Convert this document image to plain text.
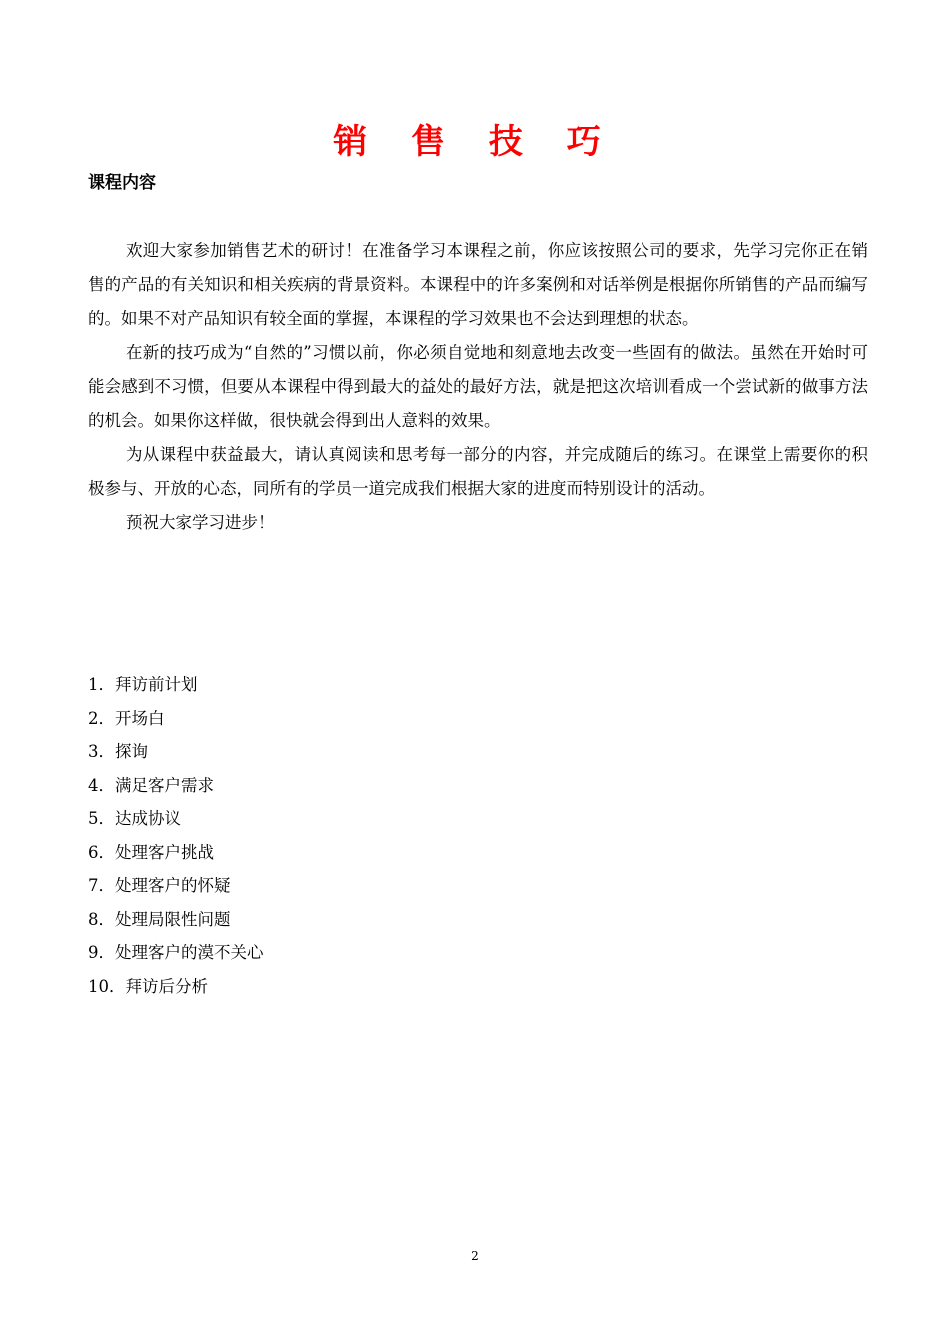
销 售 技 巧
课程内容

欢迎大家参加销售艺术的研讨！在准备学习本课程之前，你应该按照公司的要求，先学习完你正在销售的产品的有关知识和相关疾病的背景资料。本课程中的许多案例和对话举例是根据你所销售的产品而编写的。如果不对产品知识有较全面的掌握，本课程的学习效果也不会达到理想的状态。

在新的技巧成为“自然的”习惯以前，你必须自觉地和刻意地去改变一些固有的做法。虽然在开始时可能会感到不习惯，但要从本课程中得到最大的益处的最好方法，就是把这次培训看成一个尝试新的做事方法的机会。如果你这样做，很快就会得到出人意料的效果。

为从课程中获益最大，请认真阅读和思考每一部分的内容，并完成随后的练习。在课堂上需要你的积极参与、开放的心态，同所有的学员一道完成我们根据大家的进度而特别设计的活动。

预祝大家学习进步！

1．拜访前计划
2．开场白
3．探询
4．满足客户需求
5．达成协议
6．处理客户挑战
7．处理客户的怀疑
8．处理局限性问题
9．处理客户的漠不关心
10．拜访后分析
2
